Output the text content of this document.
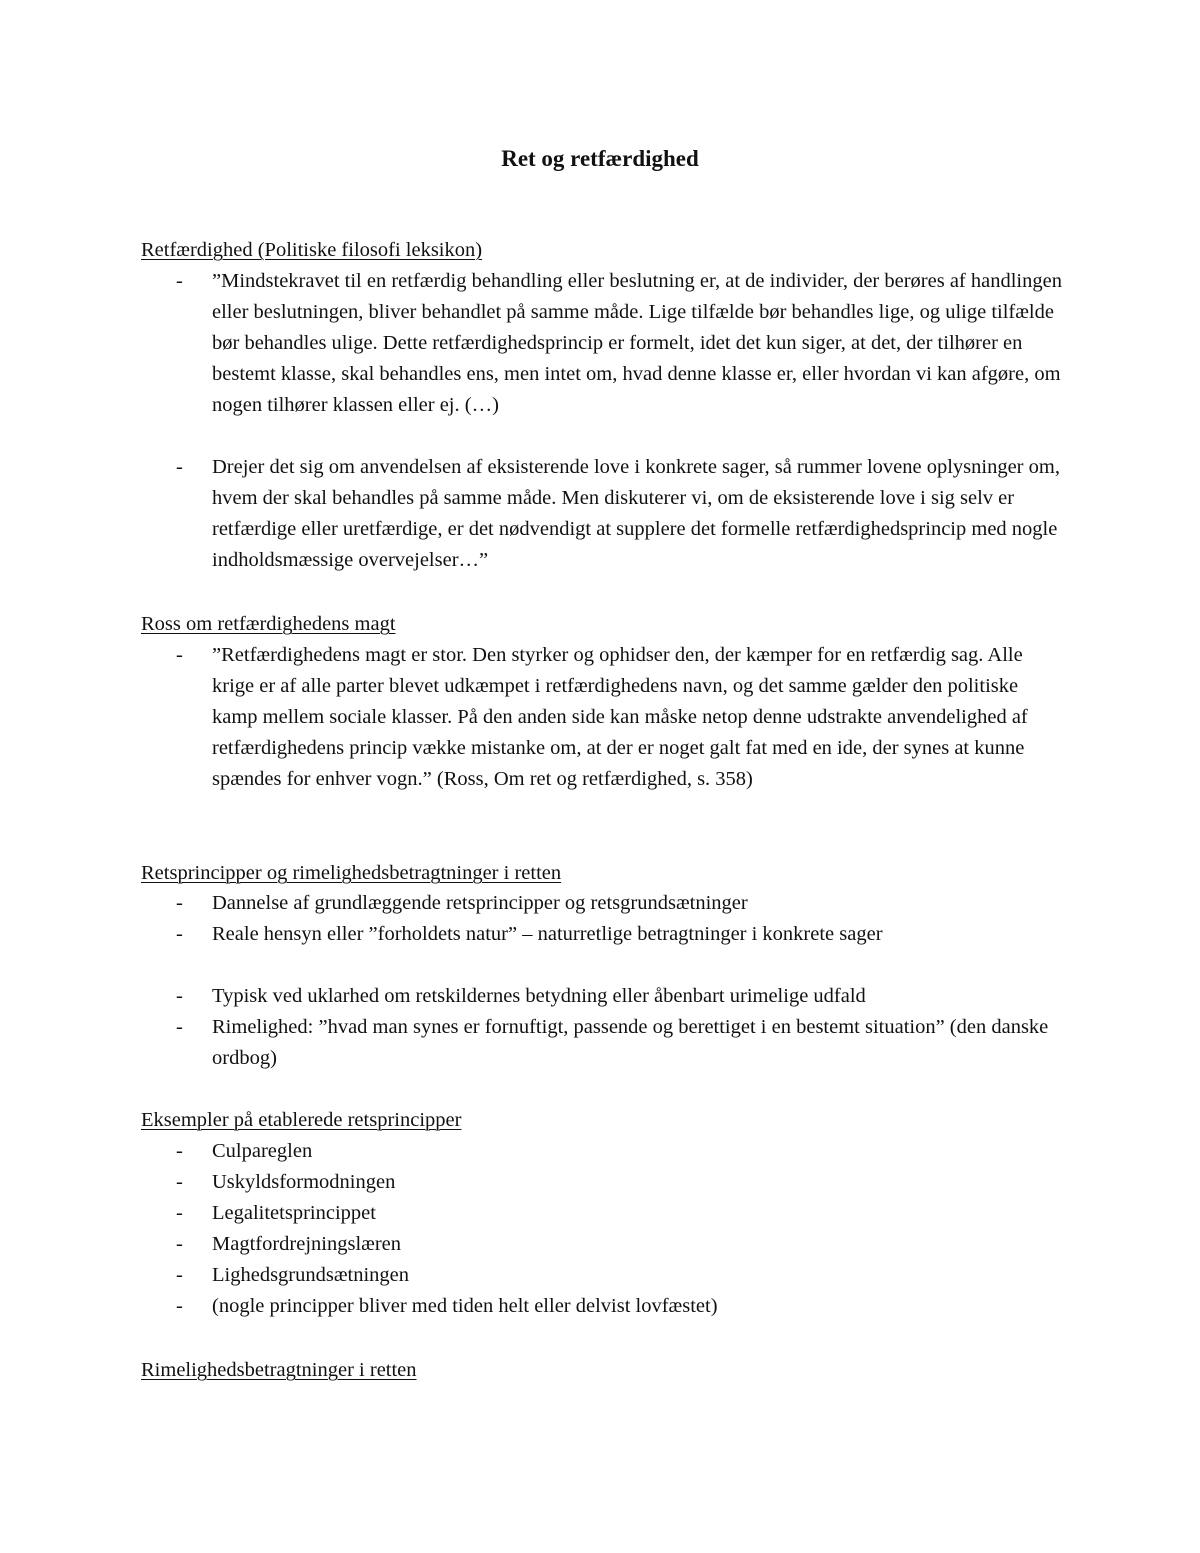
Ret og retfærdighed
Retfærdighed (Politiske filosofi leksikon)
- ”Mindstekravet til en retfærdig behandling eller beslutning er, at de individer, der berøres af handlingen eller beslutningen, bliver behandlet på samme måde. Lige tilfælde bør behandles lige, og ulige tilfælde bør behandles ulige. Dette retfærdighedsprincip er formelt, idet det kun siger, at det, der tilhører en bestemt klasse, skal behandles ens, men intet om, hvad denne klasse er, eller hvordan vi kan afgøre, om nogen tilhører klassen eller ej. (…)
- Drejer det sig om anvendelsen af eksisterende love i konkrete sager, så rummer lovene oplysninger om, hvem der skal behandles på samme måde. Men diskuterer vi, om de eksisterende love i sig selv er retfærdige eller uretfærdige, er det nødvendigt at supplere det formelle retfærdighedsprincip med nogle indholdsmæssige overvejelser…”
Ross om retfærdighedens magt
- ”Retfærdighedens magt er stor. Den styrker og ophidser den, der kæmper for en retfærdig sag. Alle krige er af alle parter blevet udkæmpet i retfærdighedens navn, og det samme gælder den politiske kamp mellem sociale klasser. På den anden side kan måske netop denne udstrakte anvendelighed af retfærdighedens princip vække mistanke om, at der er noget galt fat med en ide, der synes at kunne spændes for enhver vogn.” (Ross, Om ret og retfærdighed, s. 358)
Retsprincipper og rimelighedsbetragtninger i retten
- Dannelse af grundlæggende retsprincipper og retsgrundsætninger
- Reale hensyn eller ”forholdets natur” – naturretlige betragtninger i konkrete sager
- Typisk ved uklarhed om retskildernes betydning eller åbenbart urimelige udfald
- Rimelighed: ”hvad man synes er fornuftigt, passende og berettiget i en bestemt situation” (den danske ordbog)
Eksempler på etablerede retsprincipper
- Culpareglen
- Uskyldsformodningen
- Legalitetsprincippet
- Magtfordrejningslæren
- Lighedsgrundsætningen
- (nogle principper bliver med tiden helt eller delvist lovfæstet)
Rimelighedsbetragtninger i retten
